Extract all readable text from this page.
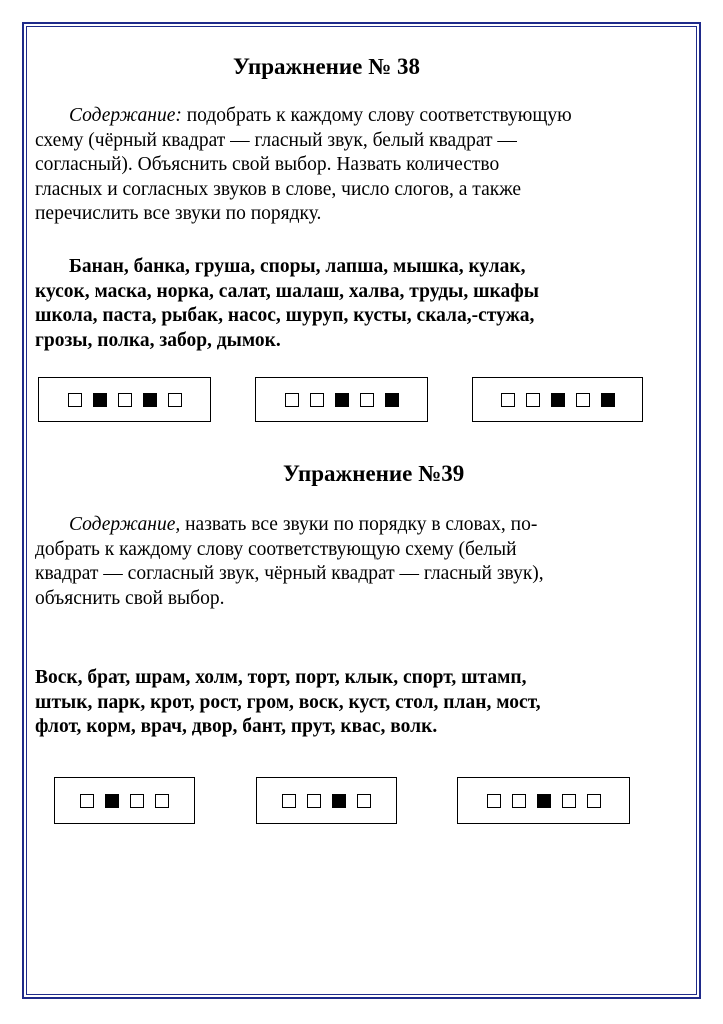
Упражнение № 38
Содержание: подобрать к каждому слову соответствующую
схему (чёрный квадрат — гласный звук, белый квадрат —
согласный). Объяснить свой выбор. Назвать количество
гласных и согласных звуков в слове, число слогов, а также
перечислить все звуки по порядку.
Банан, банка, груша, споры, лапша, мышка, кулак,
кусок, маска, норка, салат, шалаш, халва, труды, шкафы
школа, паста, рыбак, насос, шуруп, кусты, скала,-стужа,
грозы, полка, забор, дымок.
Упражнение №39
Содержание, назвать все звуки по порядку в словах, по-
добрать к каждому слову соответствующую схему (белый
квадрат — согласный звук, чёрный квадрат — гласный звук),
объяснить свой выбор.
Воск, брат, шрам, холм, торт, порт, клык, спорт, штамп,
штык, парк, крот, рост, гром, воск, куст, стол, план, мост,
флот, корм, врач, двор, бант, прут, квас, волк.
